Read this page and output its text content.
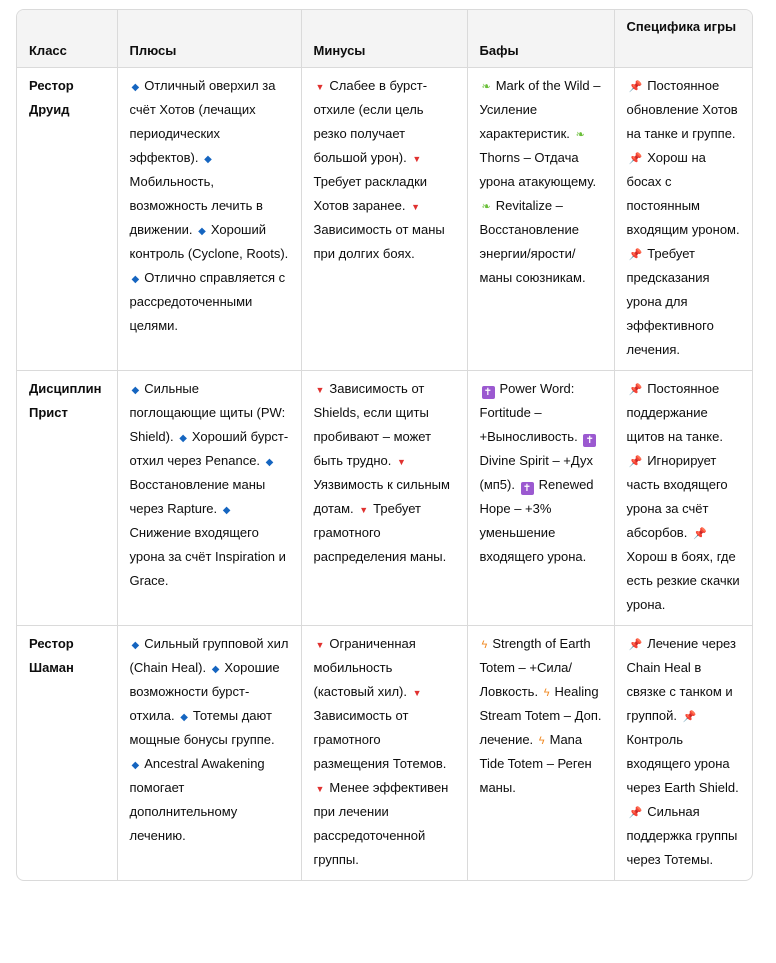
Класс	Плюсы	Минусы	Бафы	Специфика игры

Рестор Друид	◆ Отличный оверхил за счёт Хотов (лечащих периодических эффектов). ◆Мобильность, возможность лечить в движении. ◆ Хороший контроль (Cyclone, Roots). ◆ Отлично справляется с рассредоточенными целями.	▼ Слабее в бурст-отхиле (если цель резко получает большой урон). ▼Требует раскладки Хотов заранее. ▼Зависимость от маны при долгих боях.	❧ Mark of the Wild – Усиление характеристик. ❧Thorns – Отдача урона атакующему. ❧ Revitalize – Восстановление энергии/ярости/маны союзникам.	📌 Постоянное обновление Хотов на танке и группе. 📌 Хорош на босах с постоянным входящим уроном. 📌 Требует предсказания урона для эффективного лечения.
Дисциплин Прист	◆ Сильные поглощающие щиты (PW: Shield). ◆ Хороший бурст-отхил через Penance. ◆Восстановление маны через Rapture. ◆Снижение входящего урона за счёт Inspiration и Grace.	▼ Зависимость от Shields, если щиты пробивают – может быть трудно. ▼Уязвимость к сильным дотам. ▼ Требует грамотного распределения маны.	✝ Power Word: Fortitude – +Выносливость. ✝Divine Spirit – +Дух (мп5). ✝ Renewed Hope – +3% уменьшение входящего урона.	📌 Постоянное поддержание щитов на танке. 📌 Игнорирует часть входящего урона за счёт абсорбов. 📌Хорош в боях, где есть резкие скачки урона.
Рестор Шаман	◆ Сильный групповой хил (Chain Heal). ◆ Хорошие возможности бурст-отхила. ◆ Тотемы дают мощные бонусы группе. ◆ Ancestral Awakening помогает дополнительному лечению.	▼ Ограниченная мобильность (кастовый хил). ▼Зависимость от грамотного размещения Тотемов. ▼ Менее эффективен при лечении рассредоточенной группы.	ϟ Strength of Earth Totem – +Сила/Ловкость. ϟ Healing Stream Totem – Доп. лечение. ϟ Mana Tide Totem – Реген маны.	📌 Лечение через Chain Heal в связке с танком и группой. 📌Контроль входящего урона через Earth Shield. 📌 Сильная поддержка группы через Тотемы.
